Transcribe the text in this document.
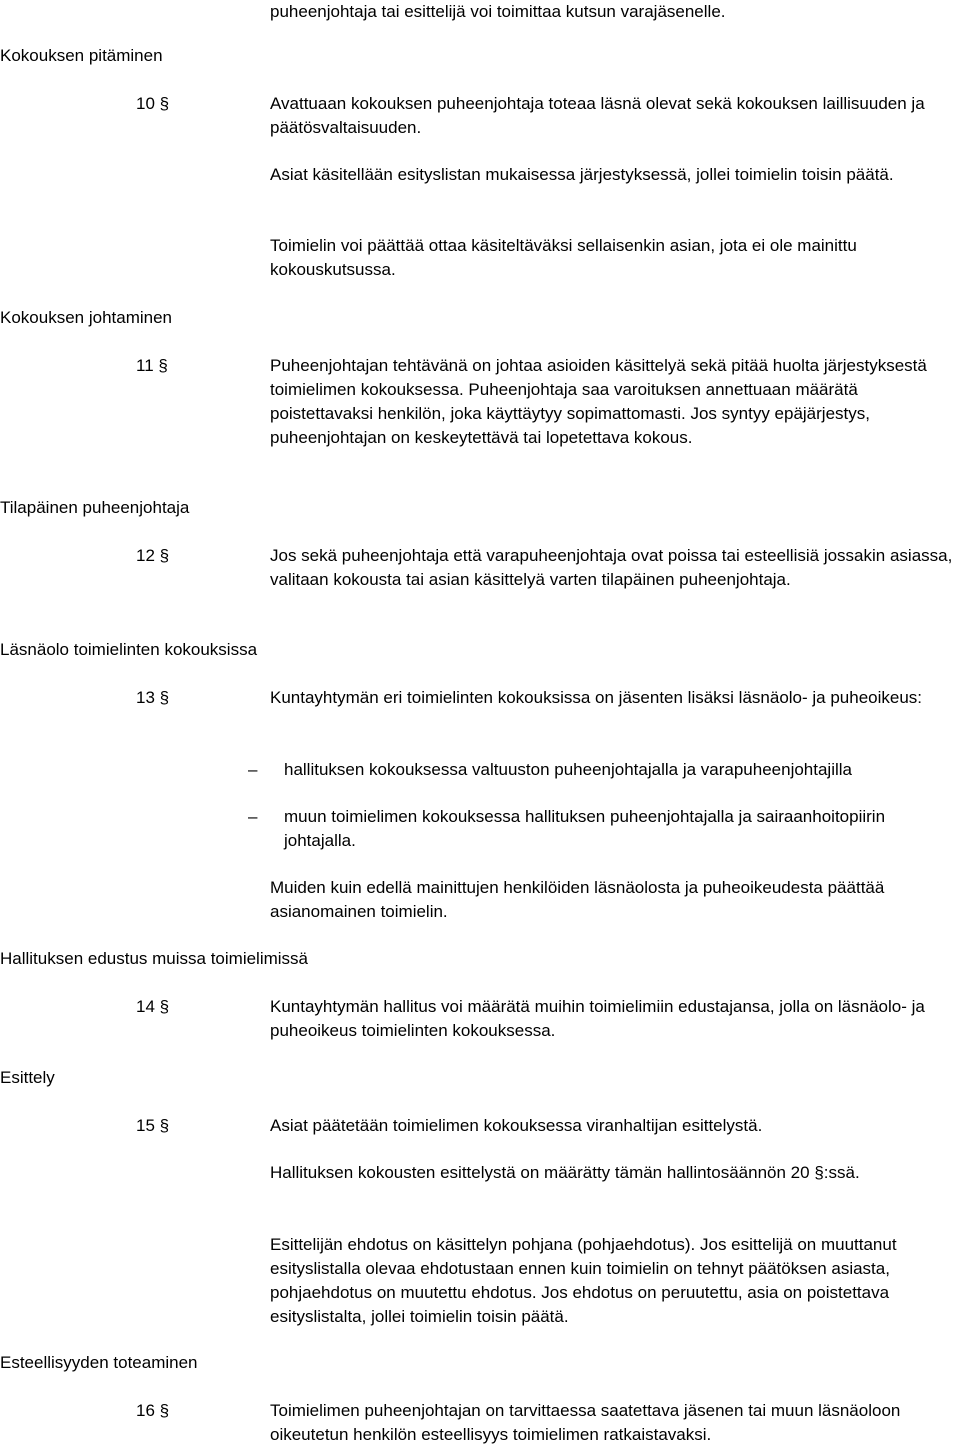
puheenjohtaja tai esittelijä voi toimittaa kutsun varajäsenelle.

Kokouksen pitäminen
10 §	Avattuaan kokouksen puheenjohtaja toteaa läsnä olevat sekä kokouksen laillisuuden ja päätösvaltaisuuden.

Asiat käsitellään esityslistan mukaisessa järjestyksessä, jollei toimielin toisin päätä.

Toimielin voi päättää ottaa käsiteltäväksi sellaisenkin asian, jota ei ole mainittu kokouskutsussa.

Kokouksen johtaminen
11 §	Puheenjohtajan tehtävänä on johtaa asioiden käsittelyä sekä pitää huolta järjestyksestä toimielimen kokouksessa. Puheenjohtaja saa varoituksen annettuaan määrätä poistettavaksi henkilön, joka käyttäytyy sopimattomasti. Jos syntyy epäjärjestys, puheenjohtajan on keskeytettävä tai lopetettava kokous.

Tilapäinen puheenjohtaja
12 §	Jos sekä puheenjohtaja että varapuheenjohtaja ovat poissa tai esteellisiä jossakin asiassa, valitaan kokousta tai asian käsittelyä varten tilapäinen puheenjohtaja.

Läsnäolo toimielinten kokouksissa
13 §	Kuntayhtymän eri toimielinten kokouksissa on jäsenten lisäksi läsnäolo- ja puheoikeus:

–	hallituksen kokouksessa valtuuston puheenjohtajalla ja varapuheenjohtajilla
–	muun toimielimen kokouksessa hallituksen puheenjohtajalla ja sairaanhoitopiirin johtajalla.

Muiden kuin edellä mainittujen henkilöiden läsnäolosta ja puheoikeudesta päättää asianomainen toimielin.

Hallituksen edustus muissa toimielimissä
14 §	Kuntayhtymän hallitus voi määrätä muihin toimielimiin edustajansa, jolla on läsnäolo- ja puheoikeus toimielinten kokouksessa.

Esittely
15 §	Asiat päätetään toimielimen kokouksessa viranhaltijan esittelystä.

Hallituksen kokousten esittelystä on määrätty tämän hallintosäännön 20 §:ssä.

Esittelijän ehdotus on käsittelyn pohjana (pohjaehdotus). Jos esittelijä on muuttanut esityslistalla olevaa ehdotustaan ennen kuin toimielin on tehnyt päätöksen asiasta, pohjaehdotus on muutettu ehdotus. Jos ehdotus on peruutettu, asia on poistettava esityslistalta, jollei toimielin toisin päätä.

Esteellisyyden toteaminen
16 §	Toimielimen puheenjohtajan on tarvittaessa saatettava jäsenen tai muun läsnäoloon oikeutetun henkilön esteellisyys toimielimen ratkaistavaksi.
